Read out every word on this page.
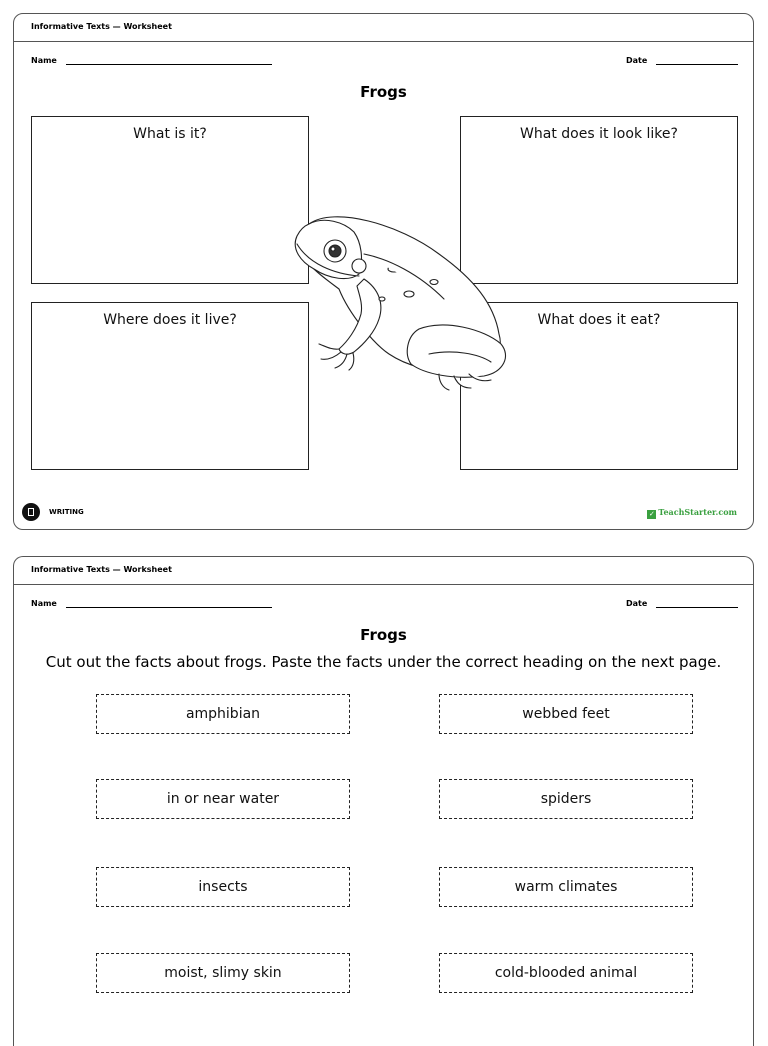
Informative Texts — Worksheet
Name	Date
Frogs
What is it?	What does it look like?
Where does it live?	What does it eat?
WRITING	✓ TeachStarter.com
Informative Texts — Worksheet
Name	Date
Frogs
Cut out the facts about frogs. Paste the facts under the correct heading on the next page.
amphibian	webbed feet
in or near water	spiders
insects	warm climates
moist, slimy skin	cold-blooded animal
